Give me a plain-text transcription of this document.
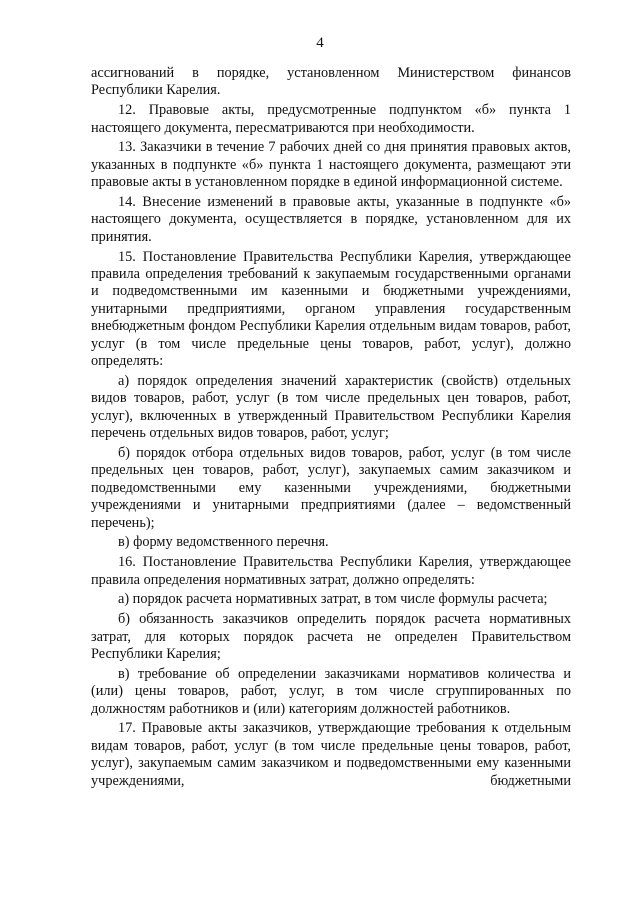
4

ассигнований в порядке, установленном Министерством финансов Республики Карелия.

12. Правовые акты, предусмотренные подпунктом «б» пункта 1 настоящего документа, пересматриваются при необходимости.

13. Заказчики в течение 7 рабочих дней со дня принятия правовых актов, указанных в подпункте «б» пункта 1 настоящего документа, размещают эти правовые акты в установленном порядке в единой информационной системе.

14. Внесение изменений в правовые акты, указанные в подпункте «б» настоящего документа, осуществляется в порядке, установленном для их принятия.

15. Постановление Правительства Республики Карелия, утверждающее правила определения требований к закупаемым государственными органами и подведомственными им казенными и бюджетными учреждениями, унитарными предприятиями, органом управления государственным внебюджетным фондом Республики Карелия отдельным видам товаров, работ, услуг (в том числе предельные цены товаров, работ, услуг), должно определять:

а) порядок определения значений характеристик (свойств) отдельных видов товаров, работ, услуг (в том числе предельных цен товаров, работ, услуг), включенных в утвержденный Правительством Республики Карелия перечень отдельных видов товаров, работ, услуг;

б) порядок отбора отдельных видов товаров, работ, услуг (в том числе предельных цен товаров, работ, услуг), закупаемых самим заказчиком и подведомственными ему казенными учреждениями, бюджетными учреждениями и унитарными предприятиями (далее – ведомственный перечень);

в) форму ведомственного перечня.

16. Постановление Правительства Республики Карелия, утверждающее правила определения нормативных затрат, должно определять:

а) порядок расчета нормативных затрат, в том числе формулы расчета;

б) обязанность заказчиков определить порядок расчета нормативных затрат, для которых порядок расчета не определен Правительством Республики Карелия;

в) требование об определении заказчиками нормативов количества и (или) цены товаров, работ, услуг, в том числе сгруппированных по должностям работников и (или) категориям должностей работников.

17. Правовые акты заказчиков, утверждающие требования к отдельным видам товаров, работ, услуг (в том числе предельные цены товаров, работ, услуг), закупаемым самим заказчиком и подведомственными ему казенными учреждениями, бюджетными
